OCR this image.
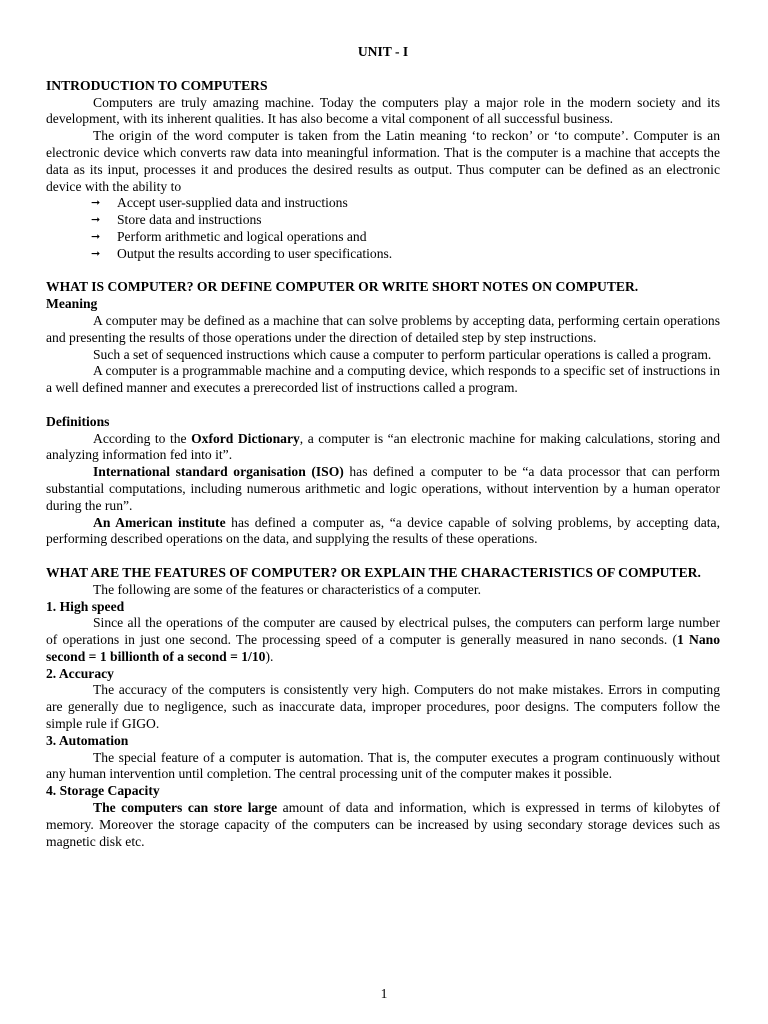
UNIT - I
INTRODUCTION TO COMPUTERS

Computers are truly amazing machine. Today the computers play a major role in the modern society and its development, with its inherent qualities. It has also become a vital component of all successful business.

The origin of the word computer is taken from the Latin meaning ‘to reckon’ or ‘to compute’. Computer is an electronic device which converts raw data into meaningful information. That is the computer is a machine that accepts the data as its input, processes it and produces the desired results as output. Thus computer can be defined as an electronic device with the ability to

➞ Accept user-supplied data and instructions
➞ Store data and instructions
➞ Perform arithmetic and logical operations and
➞ Output the results according to user specifications.
WHAT IS COMPUTER? OR DEFINE COMPUTER OR WRITE SHORT NOTES ON COMPUTER.
Meaning

A computer may be defined as a machine that can solve problems by accepting data, performing certain operations and presenting the results of those operations under the direction of detailed step by step instructions.

Such a set of sequenced instructions which cause a computer to perform particular operations is called a program.

A computer is a programmable machine and a computing device, which responds to a specific set of instructions in a well defined manner and executes a prerecorded list of instructions called a program.

Definitions

According to the Oxford Dictionary, a computer is “an electronic machine for making calculations, storing and analyzing information fed into it”.

International standard organisation (ISO) has defined a computer to be “a data processor that can perform substantial computations, including numerous arithmetic and logic operations, without intervention by a human operator during the run”.

An American institute has defined a computer as, “a device capable of solving problems, by accepting data, performing described operations on the data, and supplying the results of these operations.

WHAT ARE THE FEATURES OF COMPUTER? OR EXPLAIN THE CHARACTERISTICS OF COMPUTER.

The following are some of the features or characteristics of a computer.

1. High speed

Since all the operations of the computer are caused by electrical pulses, the computers can perform large number of operations in just one second. The processing speed of a computer is generally measured in nano seconds. (1 Nano second = 1 billionth of a second = 1/10).

2. Accuracy

The accuracy of the computers is consistently very high. Computers do not make mistakes. Errors in computing are generally due to negligence, such as inaccurate data, improper procedures, poor designs. The computers follow the simple rule if GIGO.

3. Automation

The special feature of a computer is automation. That is, the computer executes a program continuously without any human intervention until completion. The central processing unit of the computer makes it possible.

4. Storage Capacity

The computers can store large amount of data and information, which is expressed in terms of kilobytes of memory. Moreover the storage capacity of the computers can be increased by using secondary storage devices such as magnetic disk etc.

1
